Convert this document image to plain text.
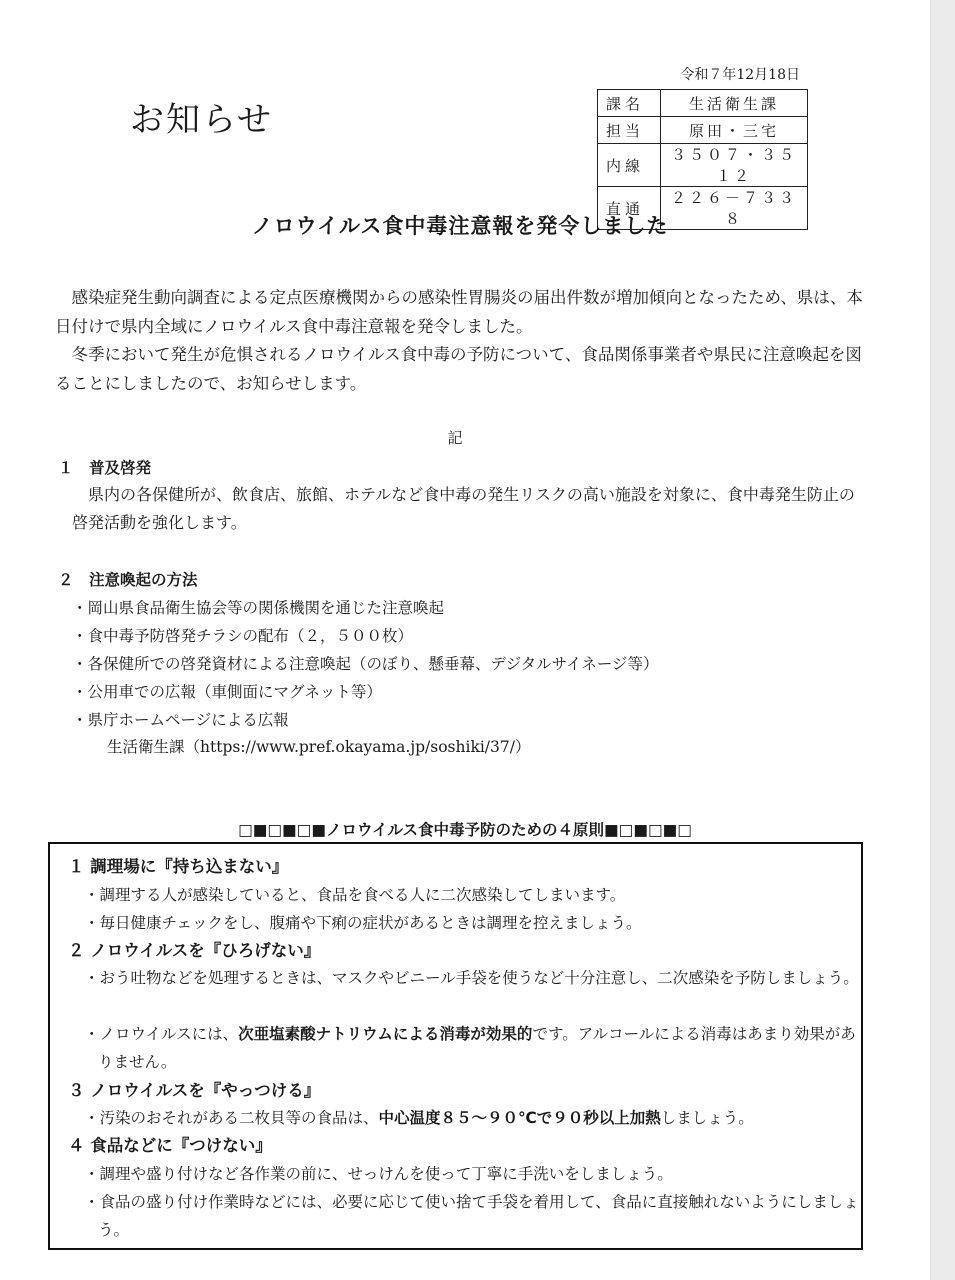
令和７年12月18日
お知らせ	課名	生活衛生課
担当	原田・三宅
内線	３５０７・３５１２
直通	２２６－７３３８
ノロウイルス食中毒注意報を発令しました

感染症発生動向調査による定点医療機関からの感染性胃腸炎の届出件数が増加傾向となったため、県は、本日付けで県内全域にノロウイルス食中毒注意報を発令しました。

冬季において発生が危惧されるノロウイルス食中毒の予防について、食品関係事業者や県民に注意喚起を図ることにしましたので、お知らせします。

記
１　普及啓発

県内の各保健所が、飲食店、旅館、ホテルなど食中毒の発生リスクの高い施設を対象に、食中毒発生防止の啓発活動を強化します。

２　注意喚起の方法
・岡山県食品衛生協会等の関係機関を通じた注意喚起
・食中毒予防啓発チラシの配布（２，５００枚）
・各保健所での啓発資材による注意喚起（のぼり、懸垂幕、デジタルサイネージ等）
・公用車での広報（車側面にマグネット等）
・県庁ホームページによる広報
生活衛生課（https://www.pref.okayama.jp/soshiki/37/）
□■□■□■ノロウイルス食中毒予防のための４原則■□■□■□
１ 調理場に『持ち込まない』

・調理する人が感染していると、食品を食べる人に二次感染してしまいます。

・毎日健康チェックをし、腹痛や下痢の症状があるときは調理を控えましょう。

２ ノロウイルスを『ひろげない』

・おう吐物などを処理するときは、マスクやビニール手袋を使うなど十分注意し、二次感染を予防しましょう。

・ノロウイルスには、次亜塩素酸ナトリウムによる消毒が効果的です。アルコールによる消毒はあまり効果がありません。

３ ノロウイルスを『やっつける』

・汚染のおそれがある二枚貝等の食品は、中心温度８５～９０℃で９０秒以上加熱しましょう。

４ 食品などに『つけない』

・調理や盛り付けなど各作業の前に、せっけんを使って丁寧に手洗いをしましょう。

・食品の盛り付け作業時などには、必要に応じて使い捨て手袋を着用して、食品に直接触れないようにしましょう。
